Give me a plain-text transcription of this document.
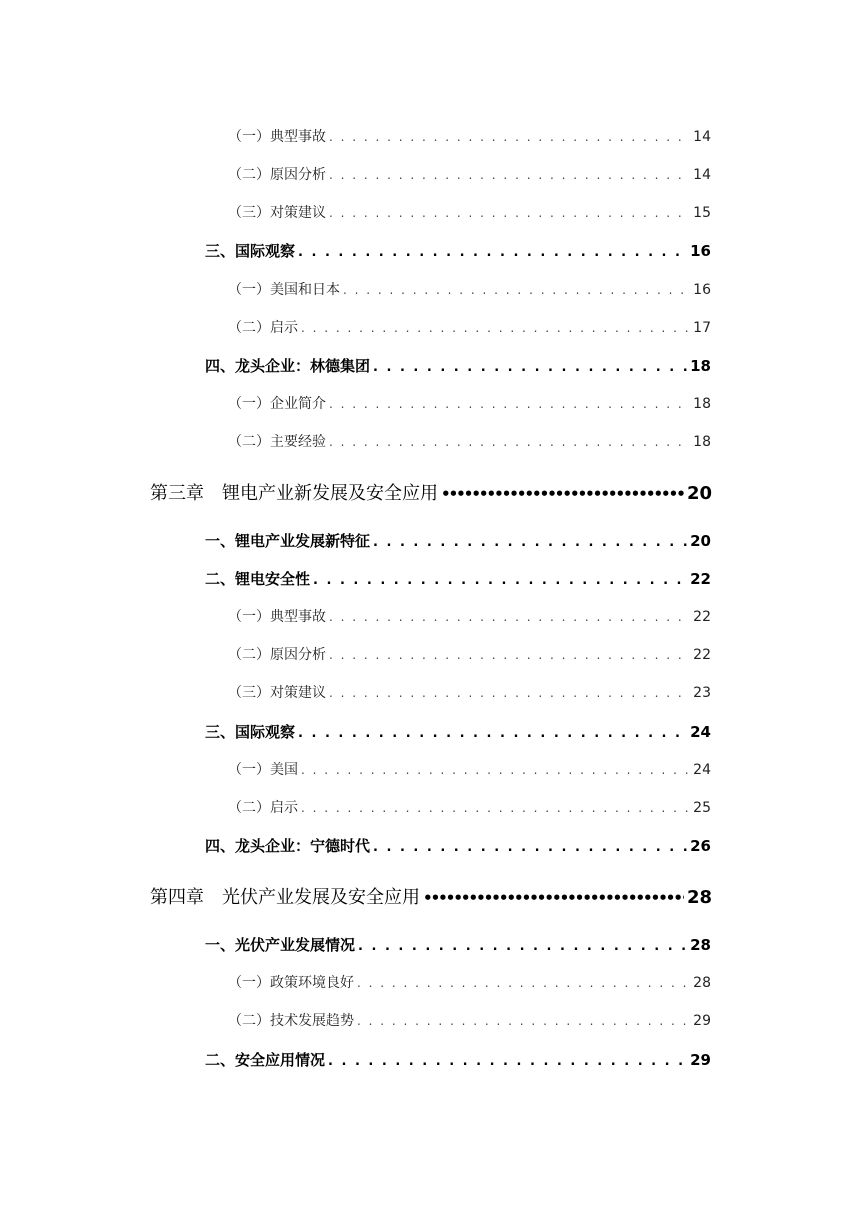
（一）典型事故 . . .	14
（二）原因分析 . . .	14
（三）对策建议 . . .	15
三、国际观察 . . .	16
（一）美国和日本 . . .	16
（二）启示 . . .	17
四、龙头企业：林德集团 . . .	18
（一）企业简介 . . .	18
（二）主要经验 . . .	18
第三章 锂电产业新发展及安全应用 •••••	20
一、锂电产业发展新特征 . . .	20
二、锂电安全性 . . .	22
（一）典型事故 . . .	22
（二）原因分析 . . .	22
（三）对策建议 . . .	23
三、国际观察 . . .	24
（一）美国 . . .	24
（二）启示 . . .	25
四、龙头企业：宁德时代 . . .	26
第四章 光伏产业发展及安全应用 •••••	28
一、光伏产业发展情况 . . .	28
（一）政策环境良好 . . .	28
（二）技术发展趋势 . . .	29
二、安全应用情况 . . .	29
